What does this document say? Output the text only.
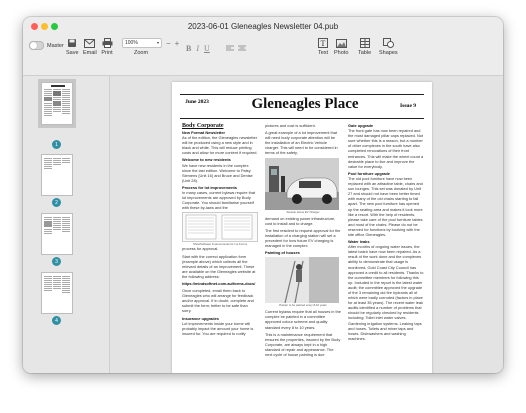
2023-06-01 Gleneagles Newsletter 04.pub
Master
Save Email Print
100%	▾ − +
Zoom	B I U
T
Text Photo Table Shapes
1
2
3
4
June 2023	Gleneagles Place	Issue 9
Body Corporate
New Format Newsletter
As of the edition, the Gleneagles newsletter will be produced using a new style and in black and white. This will reduce printing costs and allow for more content if required.
Welcome to new residents
We have new residents in the complex since the last edition. Welcome to Patsy Siemens (Unit 16) and Bruce and Denise (Unit 28).
Process for lot improvements
In many cases, current bylaws require that lot improvements are approved by Body Corporate. You should familiarise yourself with these by-laws and the
ShowSoftware Improvements for Lot Forms
process for approval.
Start with the correct application form (example above) which collects all the relevant details of an improvement. These are available on the Gleneagles website at the following address:
https://mindsoftnet.com.au/forms-docs/
Once completed, email them back to Gleneagles who will arrange for feedback and/or approval. If in doubt, complete and submit the form; better to be safe than sorry.
Insurance upgrades
Lot improvements inside your home will probably impact the amount your home is insured for. You are required to notify
pictures and cost is sufficient.
A great example of a lot improvement that will need body corporate attention will be the installation of an Electric Vehicle charger. This will need to be considered in terms of the safety,
Sample Home EV Charger
demand on existing power infrastructure, cost to install and to charge.
The first resident to request approval for the installation of a charging station will set a precedent for how future EV charging is managed in the complex.
Painting of houses
Painter to be painted every 8-10 years
Current bylaws require that all houses in the complex be painted in a committee approved colour scheme and quality standard every 8 to 10 years.
This is a maintenance requirement that ensures the properties, insured by the Body Corporate, are always kept in a high standard of repair and appearance. The next cycle of house painting is due
Gate upgrade
The front gate has now been repaired and the most damaged pillar caps replaced. Not sure whether this is a reason, but a number of other complexes in the south have also completed renovations of their front entrances. This will make the wheel count a desirable place to live and improve the value for everybody.
Pool furniture upgrade
The old pool furniture have now been replaced with an attractive table, chairs and sun lounges. This set was donated by Unit 27 and should not have been better timed with many of the old chairs starting to fall apart. The new pool furniture has opened up the seating area and makes it look more like a resort. With the help of residents, please take care of the pool furniture tables and most of the chairs. Please do not be reserved for functions by booking with the site office Gleneagles.
Water leaks
After months of ongoing water issues, the latest batch have now been repaired. As a result of the work done and the complexes ability to demonstrate that usage is monitored, Gold Coast City Council has approved a credit to all residents. Thanks to the committee members for following this up. Included in the report is the latest water audit; the committee approved the upgrade of the 3 remaining old fire hydrants all of which were badly corroded (factors in place for at least 35 years). The recent water leak audits identified a number of problems that should be regularly checked by residents including: Toilet inlet water valves. Gardening irrigation systems. Leaking taps and hoses. Toilets and mixer taps and hoses. Dishwashers and washing machines.
